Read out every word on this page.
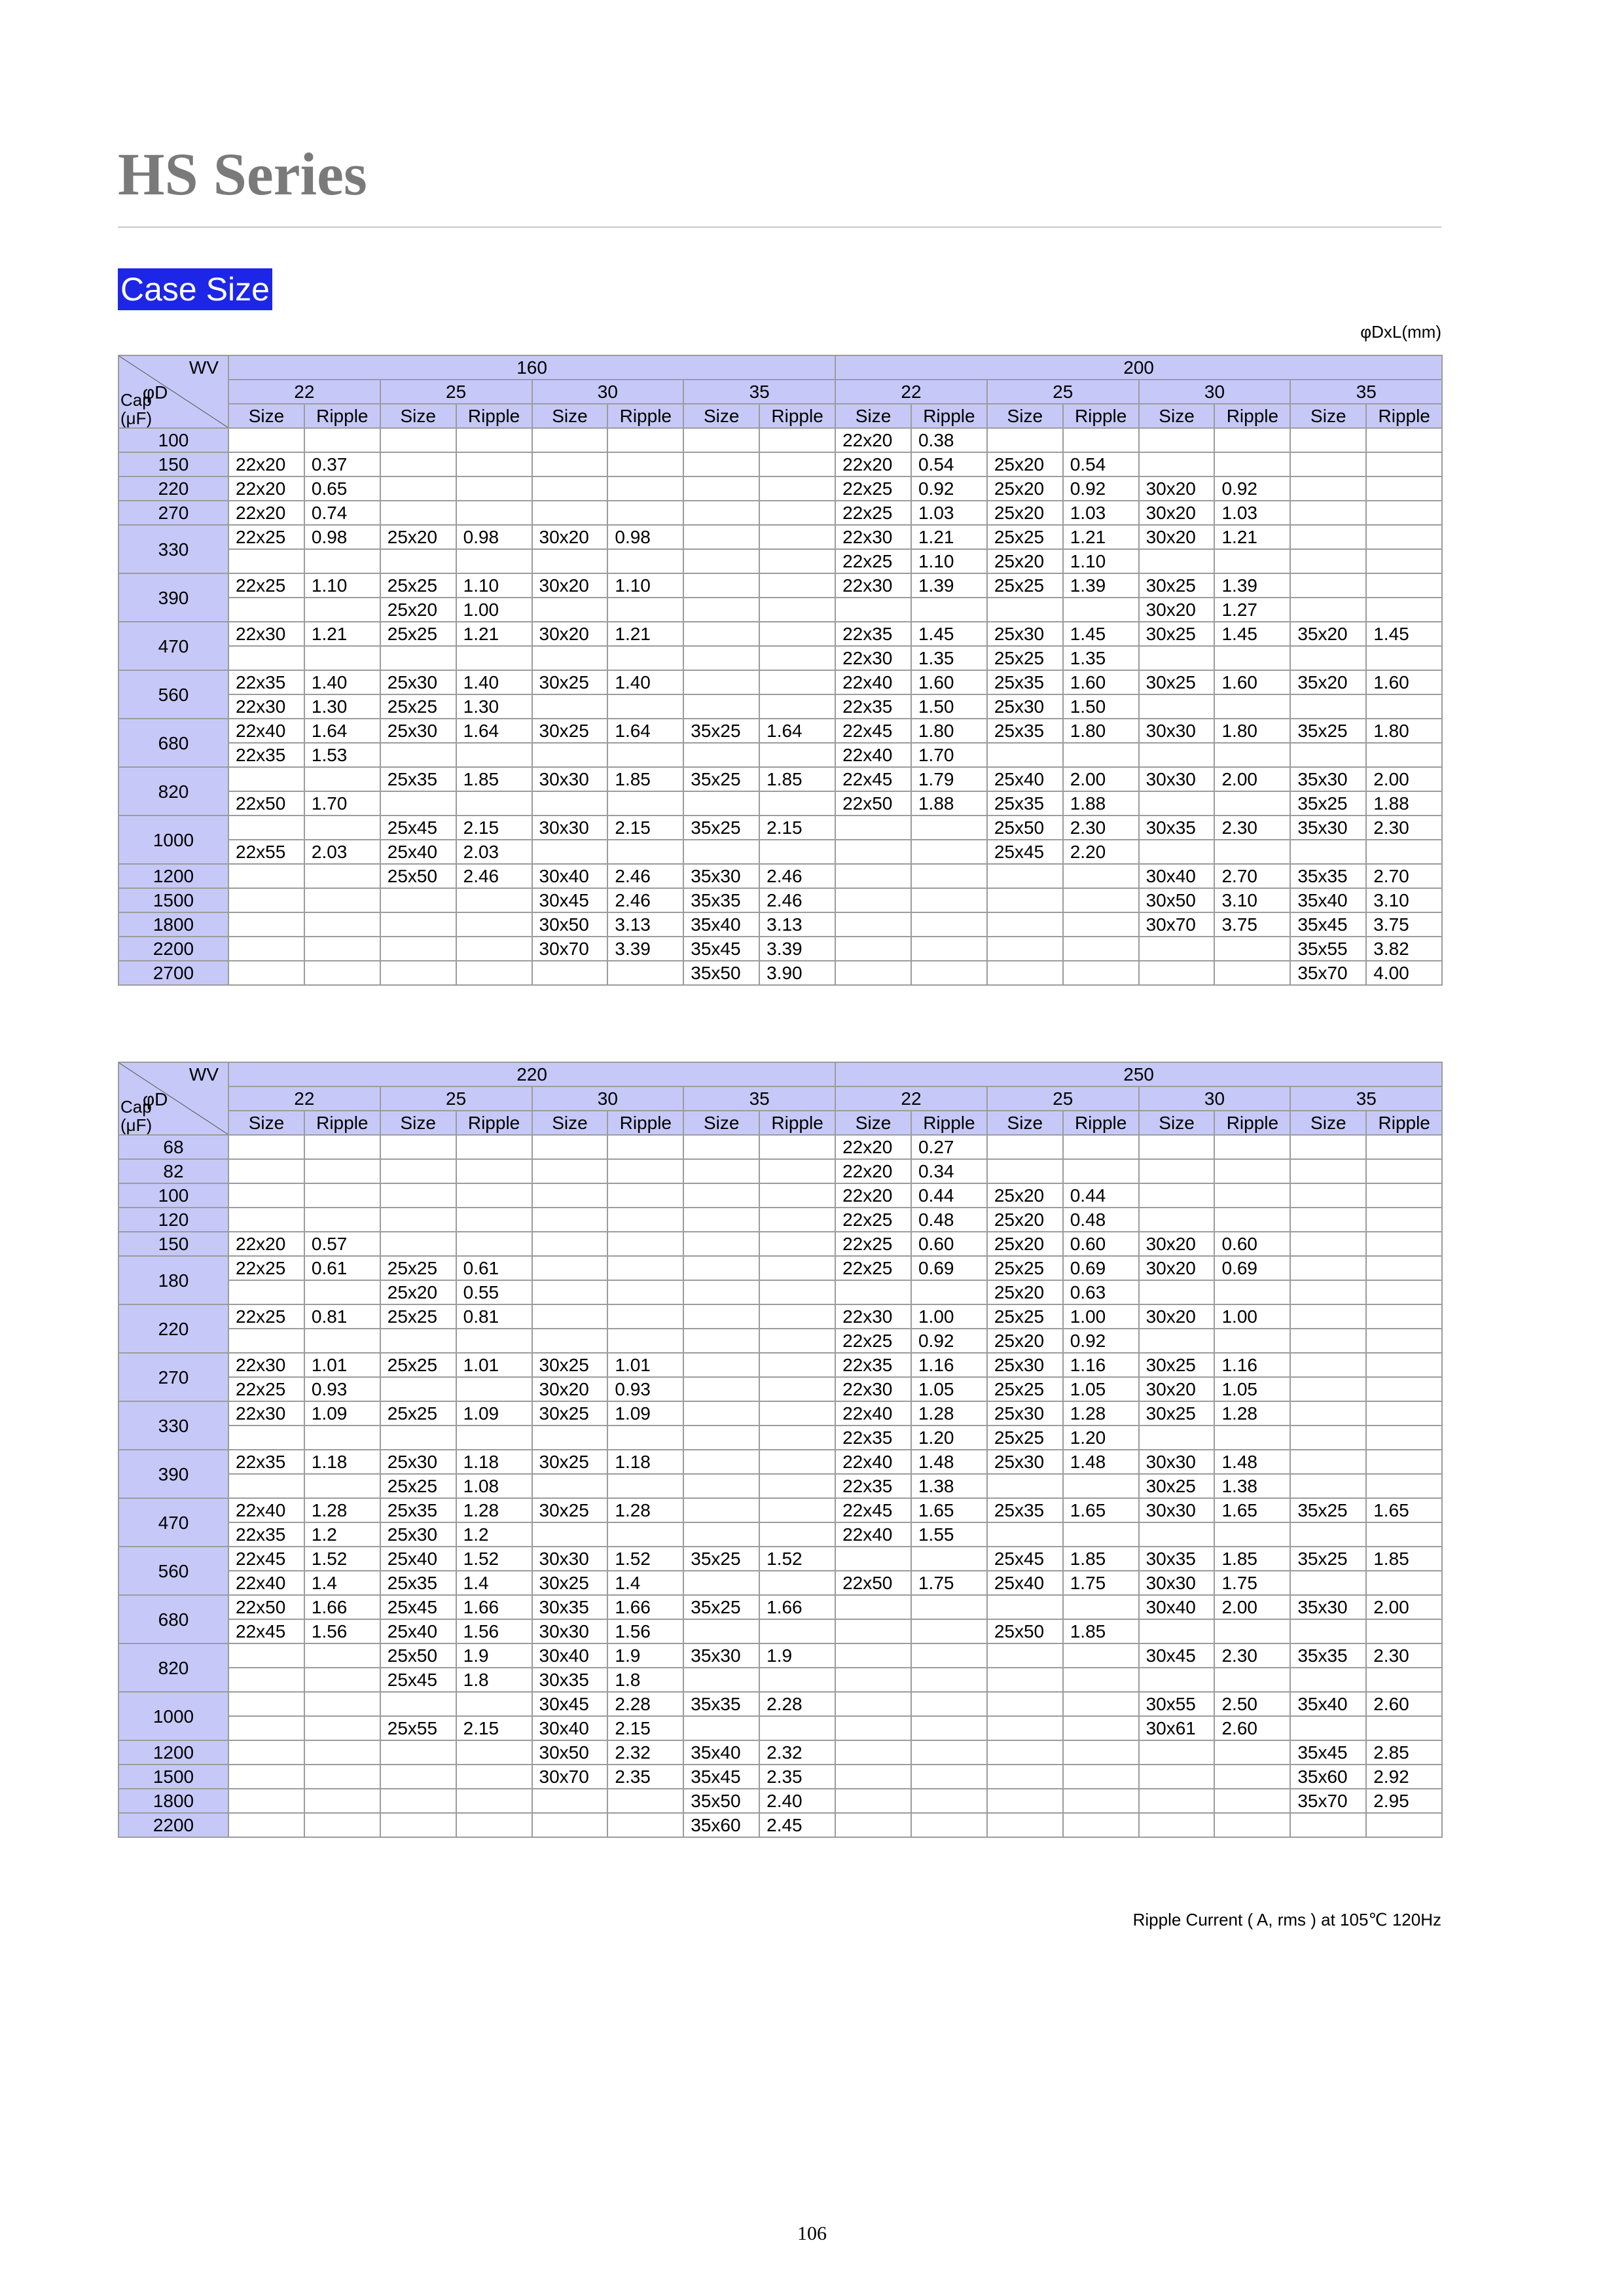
HS Series
Case Size
φDxL(mm)
WV
φD
Cap
(μF)	160								200							
	22		25		30		35		22		25		30		35	
	Size	Ripple	Size	Ripple	Size	Ripple	Size	Ripple	Size	Ripple	Size	Ripple	Size	Ripple	Size	Ripple
100									22x20	0.38						
150	22x20	0.37							22x20	0.54	25x20	0.54				
220	22x20	0.65							22x25	0.92	25x20	0.92	30x20	0.92		
270	22x20	0.74							22x25	1.03	25x20	1.03	30x20	1.03		
330	22x25	0.98	25x20	0.98	30x20	0.98			22x30	1.21	25x25	1.21	30x20	1.21		
									22x25	1.10	25x20	1.10				
390	22x25	1.10	25x25	1.10	30x20	1.10			22x30	1.39	25x25	1.39	30x25	1.39		
			25x20	1.00									30x20	1.27		
470	22x30	1.21	25x25	1.21	30x20	1.21			22x35	1.45	25x30	1.45	30x25	1.45	35x20	1.45
									22x30	1.35	25x25	1.35				
560	22x35	1.40	25x30	1.40	30x25	1.40			22x40	1.60	25x35	1.60	30x25	1.60	35x20	1.60
	22x30	1.30	25x25	1.30					22x35	1.50	25x30	1.50				
680	22x40	1.64	25x30	1.64	30x25	1.64	35x25	1.64	22x45	1.80	25x35	1.80	30x30	1.80	35x25	1.80
	22x35	1.53							22x40	1.70						
820			25x35	1.85	30x30	1.85	35x25	1.85	22x45	1.79	25x40	2.00	30x30	2.00	35x30	2.00
	22x50	1.70							22x50	1.88	25x35	1.88			35x25	1.88
1000			25x45	2.15	30x30	2.15	35x25	2.15			25x50	2.30	30x35	2.30	35x30	2.30
	22x55	2.03	25x40	2.03							25x45	2.20				
1200			25x50	2.46	30x40	2.46	35x30	2.46					30x40	2.70	35x35	2.70
1500					30x45	2.46	35x35	2.46					30x50	3.10	35x40	3.10
1800					30x50	3.13	35x40	3.13					30x70	3.75	35x45	3.75
2200					30x70	3.39	35x45	3.39							35x55	3.82
2700							35x50	3.90							35x70	4.00
WV
φD
Cap
(μF)	220								250							
	22		25		30		35		22		25		30		35	
	Size	Ripple	Size	Ripple	Size	Ripple	Size	Ripple	Size	Ripple	Size	Ripple	Size	Ripple	Size	Ripple
68									22x20	0.27						
82									22x20	0.34						
100									22x20	0.44	25x20	0.44				
120									22x25	0.48	25x20	0.48				
150	22x20	0.57							22x25	0.60	25x20	0.60	30x20	0.60		
180	22x25	0.61	25x25	0.61					22x25	0.69	25x25	0.69	30x20	0.69		
			25x20	0.55							25x20	0.63				
220	22x25	0.81	25x25	0.81					22x30	1.00	25x25	1.00	30x20	1.00		
									22x25	0.92	25x20	0.92				
270	22x30	1.01	25x25	1.01	30x25	1.01			22x35	1.16	25x30	1.16	30x25	1.16		
	22x25	0.93			30x20	0.93			22x30	1.05	25x25	1.05	30x20	1.05		
330	22x30	1.09	25x25	1.09	30x25	1.09			22x40	1.28	25x30	1.28	30x25	1.28		
									22x35	1.20	25x25	1.20				
390	22x35	1.18	25x30	1.18	30x25	1.18			22x40	1.48	25x30	1.48	30x30	1.48		
			25x25	1.08					22x35	1.38			30x25	1.38		
470	22x40	1.28	25x35	1.28	30x25	1.28			22x45	1.65	25x35	1.65	30x30	1.65	35x25	1.65
	22x35	1.2	25x30	1.2					22x40	1.55						
560	22x45	1.52	25x40	1.52	30x30	1.52	35x25	1.52			25x45	1.85	30x35	1.85	35x25	1.85
	22x40	1.4	25x35	1.4	30x25	1.4			22x50	1.75	25x40	1.75	30x30	1.75		
680	22x50	1.66	25x45	1.66	30x35	1.66	35x25	1.66					30x40	2.00	35x30	2.00
	22x45	1.56	25x40	1.56	30x30	1.56					25x50	1.85				
820			25x50	1.9	30x40	1.9	35x30	1.9					30x45	2.30	35x35	2.30
			25x45	1.8	30x35	1.8										
1000					30x45	2.28	35x35	2.28					30x55	2.50	35x40	2.60
			25x55	2.15	30x40	2.15							30x61	2.60		
1200					30x50	2.32	35x40	2.32							35x45	2.85
1500					30x70	2.35	35x45	2.35							35x60	2.92
1800							35x50	2.40							35x70	2.95
2200							35x60	2.45								
Ripple Current ( A, rms ) at 105℃ 120Hz
106
